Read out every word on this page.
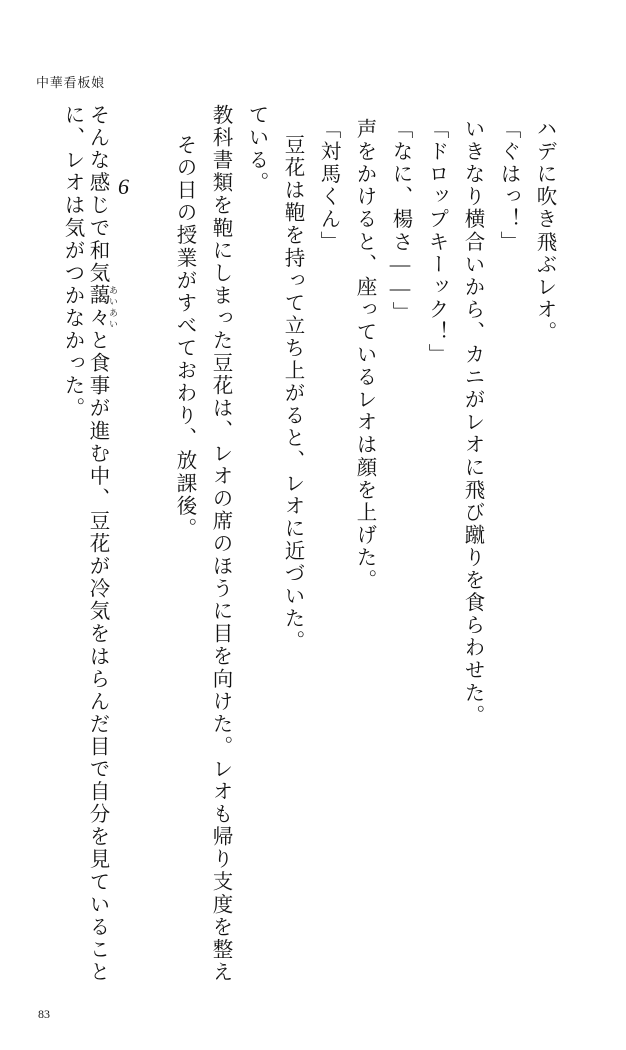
中華看板娘
に、レオは気がつかなかった。 そんな感じで和気藹々 あいあいと食事が進む中、豆花が冷気をはらんだ目で自分を見ていること
6	その日の授業がすべておわり、放課後。 教科書類を鞄にしまった豆花は、レオの席のほうに目を向けた。レオも帰り支度を整え ている。 豆花は鞄を持って立ち上がると、レオに近づいた。 「対馬くん」 声をかけると、座っているレオは顔を上げた。 「なに、楊さ――」 「ドロップキーック！」 いきなり横合いから、カニがレオに飛び蹴りを食らわせた。 「ぐはっ！」 ハデに吹き飛ぶレオ。
83
